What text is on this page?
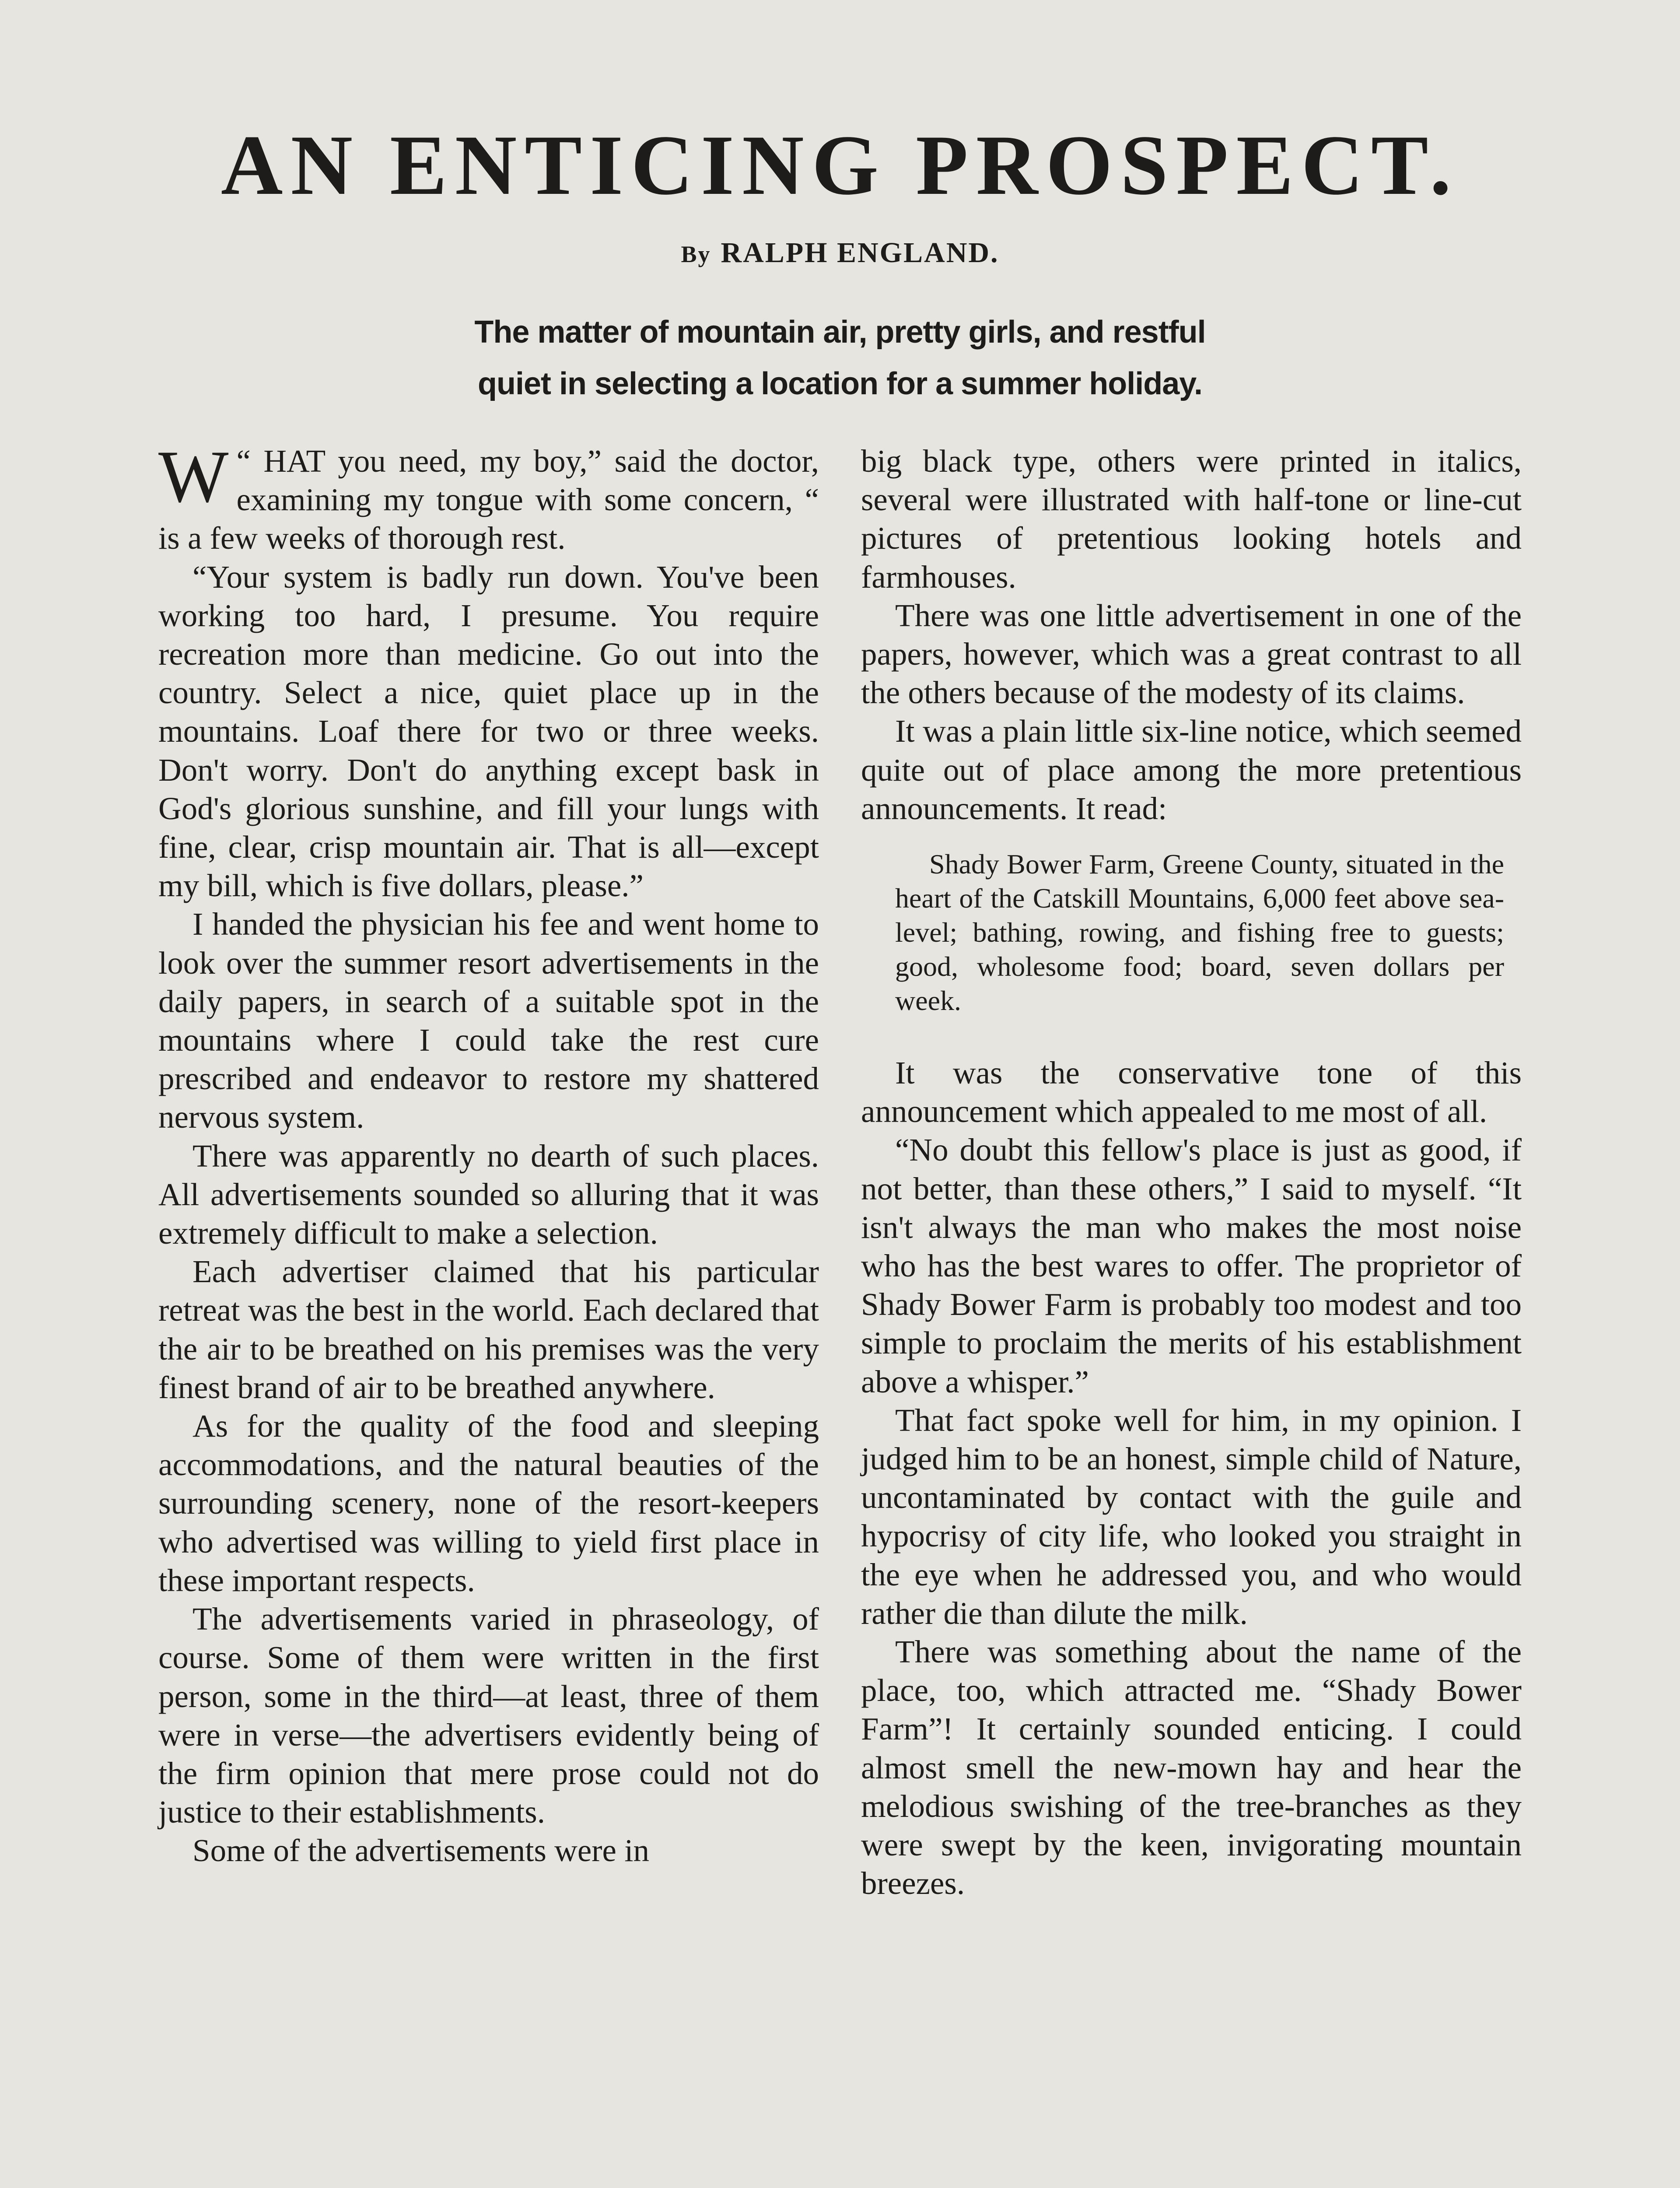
AN ENTICING PROSPECT.
By RALPH ENGLAND.
The matter of mountain air, pretty girls, and restful
quiet in selecting a location for a summer holiday.

W “ HAT you need, my boy,” said the doctor, examining my tongue with some concern, “ is a few weeks of thorough rest.

“Your system is badly run down. You've been working too hard, I presume. You require recreation more than medicine. Go out into the country. Select a nice, quiet place up in the mountains. Loaf there for two or three weeks. Don't worry. Don't do anything except bask in God's glorious sunshine, and fill your lungs with fine, clear, crisp mountain air. That is all—except my bill, which is five dollars, please.”

I handed the physician his fee and went home to look over the summer resort advertisements in the daily papers, in search of a suitable spot in the mountains where I could take the rest cure prescribed and endeavor to restore my shattered nervous system.

There was apparently no dearth of such places. All advertisements sounded so alluring that it was extremely difficult to make a selection.

Each advertiser claimed that his particular retreat was the best in the world. Each declared that the air to be breathed on his premises was the very finest brand of air to be breathed anywhere.

As for the quality of the food and sleeping accommodations, and the natural beauties of the surrounding scenery, none of the resort-keepers who advertised was willing to yield first place in these important respects.

The advertisements varied in phraseology, of course. Some of them were written in the first person, some in the third—at least, three of them were in verse—the advertisers evidently being of the firm opinion that mere prose could not do justice to their establishments.

Some of the advertisements were in

big black type, others were printed in italics, several were illustrated with half-tone or line-cut pictures of pretentious looking hotels and farmhouses.

There was one little advertisement in one of the papers, however, which was a great contrast to all the others because of the modesty of its claims.

It was a plain little six-line notice, which seemed quite out of place among the more pretentious announcements. It read:

Shady Bower Farm, Greene County, situated in the heart of the Catskill Mountains, 6,000 feet above sea-level; bathing, rowing, and fishing free to guests; good, wholesome food; board, seven dollars per week.

It was the conservative tone of this announcement which appealed to me most of all.

“No doubt this fellow's place is just as good, if not better, than these others,” I said to myself. “It isn't always the man who makes the most noise who has the best wares to offer. The proprietor of Shady Bower Farm is probably too modest and too simple to proclaim the merits of his establishment above a whisper.”

That fact spoke well for him, in my opinion. I judged him to be an honest, simple child of Nature, uncontaminated by contact with the guile and hypocrisy of city life, who looked you straight in the eye when he addressed you, and who would rather die than dilute the milk.

There was something about the name of the place, too, which attracted me. “Shady Bower Farm”! It certainly sounded enticing. I could almost smell the new-mown hay and hear the melodious swishing of the tree-branches as they were swept by the keen, invigorating mountain breezes.
